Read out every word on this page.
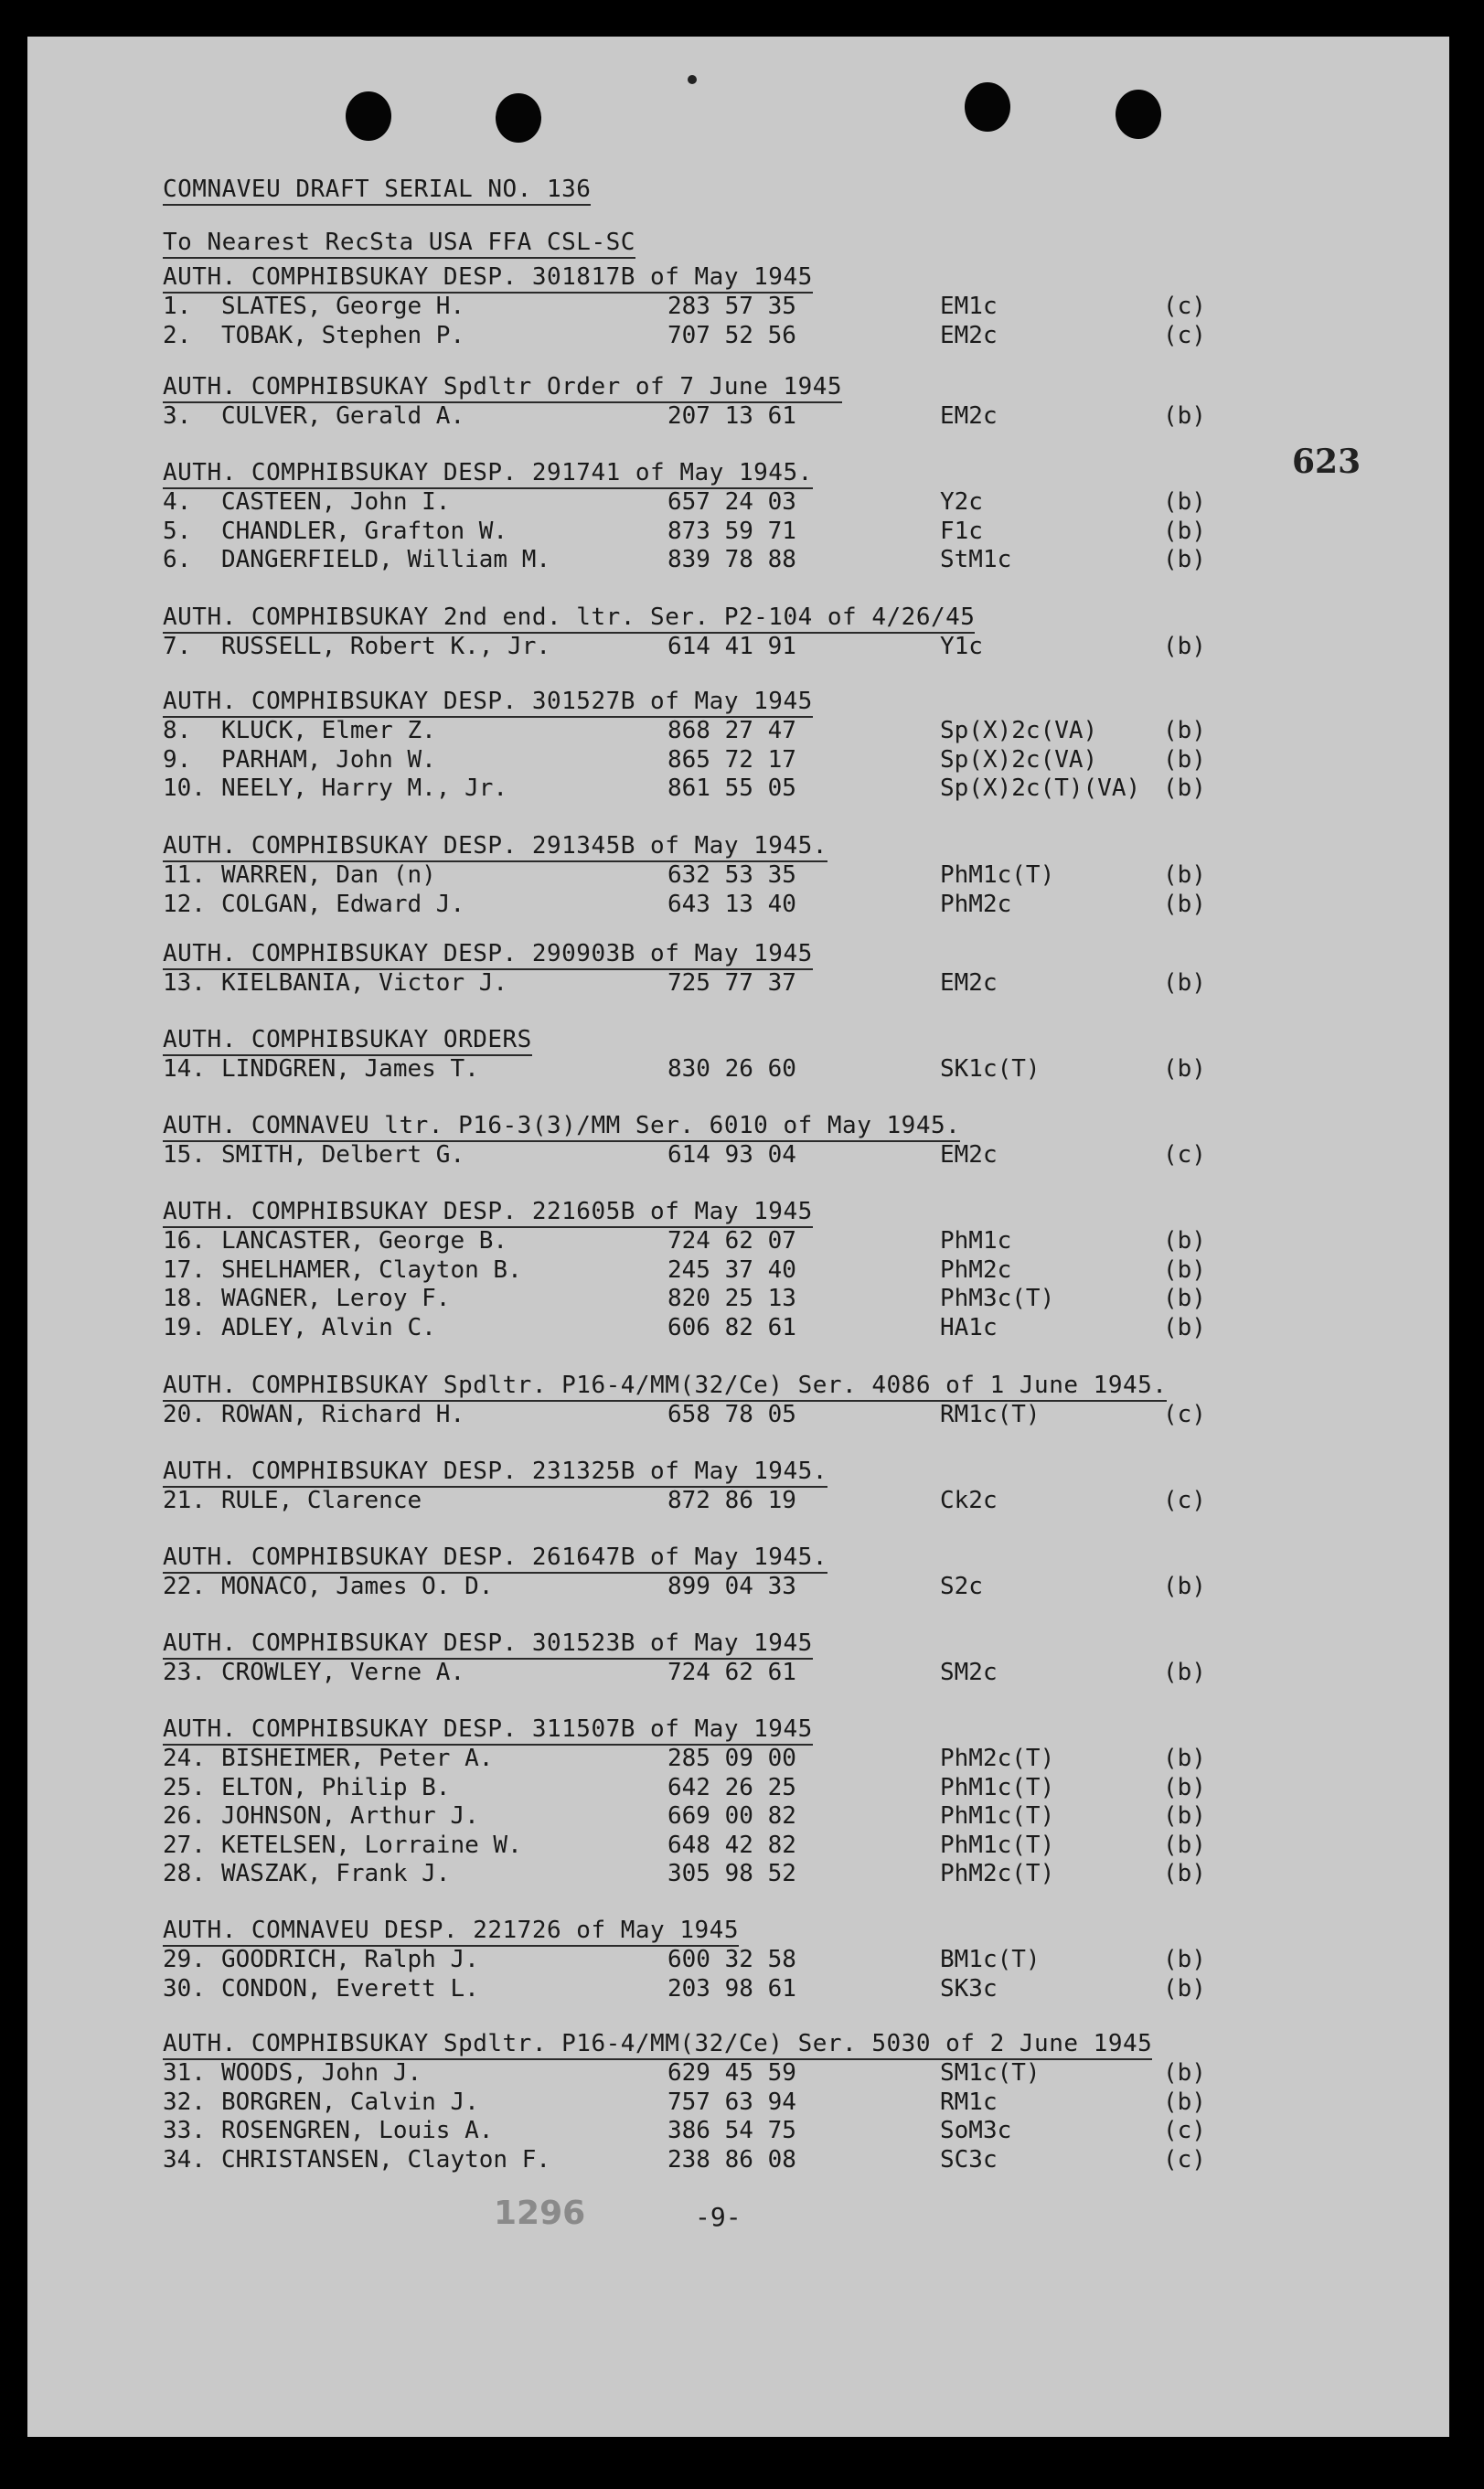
COMNAVEU DRAFT SERIAL NO. 136
To Nearest RecSta USA FFA CSL-SC
623
AUTH. COMPHIBSUKAY DESP. 301817B of May 1945
1.	SLATES, George H.	283 57 35	EM1c	(c)
2.	TOBAK, Stephen P.	707 52 56	EM2c	(c)
AUTH. COMPHIBSUKAY Spdltr Order of 7 June 1945
3.	CULVER, Gerald A.	207 13 61	EM2c	(b)
AUTH. COMPHIBSUKAY DESP. 291741 of May 1945.
4.	CASTEEN, John I.	657 24 03	Y2c	(b)
5.	CHANDLER, Grafton W.	873 59 71	F1c	(b)
6.	DANGERFIELD, William M.	839 78 88	StM1c	(b)
AUTH. COMPHIBSUKAY 2nd end. ltr. Ser. P2-104 of 4/26/45
7.	RUSSELL, Robert K., Jr.	614 41 91	Y1c	(b)
AUTH. COMPHIBSUKAY DESP. 301527B of May 1945
8.	KLUCK, Elmer Z.	868 27 47	Sp(X)2c(VA)	(b)
9.	PARHAM, John W.	865 72 17	Sp(X)2c(VA)	(b)
10. NEELY, Harry M., Jr.	861 55 05	Sp(X)2c(T)(VA) (b)
AUTH. COMPHIBSUKAY DESP. 291345B of May 1945.
11. WARREN, Dan (n)	632 53 35	PhM1c(T)	(b)
12. COLGAN, Edward J.	643 13 40	PhM2c	(b)
AUTH. COMPHIBSUKAY DESP. 290903B of May 1945
13. KIELBANIA, Victor J.	725 77 37	EM2c	(b)
AUTH. COMPHIBSUKAY ORDERS
14. LINDGREN, James T.	830 26 60	SK1c(T)	(b)
AUTH. COMNAVEU ltr. P16-3(3)/MM Ser. 6010 of May 1945.
15. SMITH, Delbert G.	614 93 04	EM2c	(c)
AUTH. COMPHIBSUKAY DESP. 221605B of May 1945
16. LANCASTER, George B.	724 62 07	PhM1c	(b)
17. SHELHAMER, Clayton B.	245 37 40	PhM2c	(b)
18. WAGNER, Leroy F.	820 25 13	PhM3c(T)	(b)
19. ADLEY, Alvin C.	606 82 61	HA1c	(b)
AUTH. COMPHIBSUKAY Spdltr. P16-4/MM(32/Ce) Ser. 4086 of 1 June 1945.
20. ROWAN, Richard H.	658 78 05	RM1c(T)	(c)
AUTH. COMPHIBSUKAY DESP. 231325B of May 1945.
21. RULE, Clarence	872 86 19	Ck2c	(c)
AUTH. COMPHIBSUKAY DESP. 261647B of May 1945.
22. MONACO, James O. D.	899 04 33	S2c	(b)
AUTH. COMPHIBSUKAY DESP. 301523B of May 1945
23. CROWLEY, Verne A.	724 62 61	SM2c	(b)
AUTH. COMPHIBSUKAY DESP. 311507B of May 1945
24. BISHEIMER, Peter A.	285 09 00	PhM2c(T)	(b)
25. ELTON, Philip B.	642 26 25	PhM1c(T)	(b)
26. JOHNSON, Arthur J.	669 00 82	PhM1c(T)	(b)
27. KETELSEN, Lorraine W.	648 42 82	PhM1c(T)	(b)
28. WASZAK, Frank J.	305 98 52	PhM2c(T)	(b)
AUTH. COMNAVEU DESP. 221726 of May 1945
29. GOODRICH, Ralph J.	600 32 58	BM1c(T)	(b)
30. CONDON, Everett L.	203 98 61	SK3c	(b)
AUTH. COMPHIBSUKAY Spdltr. P16-4/MM(32/Ce) Ser. 5030 of 2 June 1945
31. WOODS, John J.	629 45 59	SM1c(T)	(b)
32. BORGREN, Calvin J.	757 63 94	RM1c	(b)
33. ROSENGREN, Louis A.	386 54 75	SoM3c	(c)
34. CHRISTANSEN, Clayton F.	238 86 08	SC3c	(c)
1296	-9-
